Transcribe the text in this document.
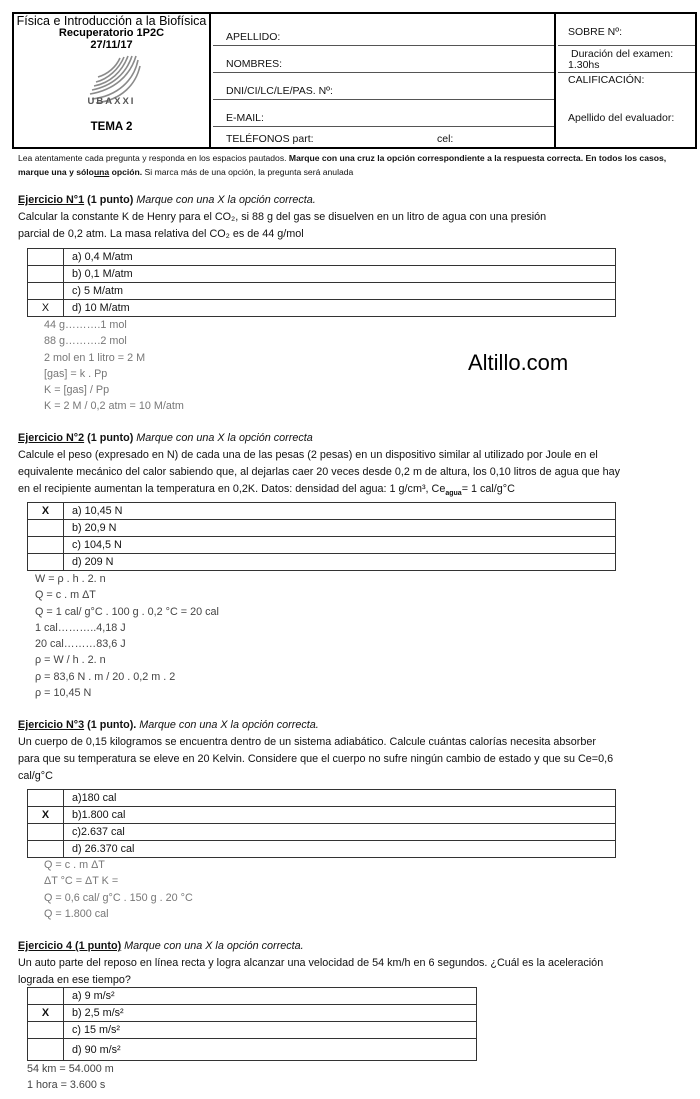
Física e Introducción a la Biofísica
Recuperatorio 1P2C
27/11/17
UBAXXI
TEMA 2
APELLIDO:
NOMBRES:
DNI/CI/LC/LE/PAS. Nº:
E-MAIL:
TELÉFONOS part:	cel:
SOBRE Nº:
Duración del examen:
1.30hs
CALIFICACIÓN:
Apellido del evaluador:
Lea atentamente cada pregunta y responda en los espacios pautados. Marque con una cruz la opción correspondiente a la respuesta correcta. En todos los casos, marque una y sólouna opción. Si marca más de una opción, la pregunta será anulada
Ejercicio N°1 (1 punto) Marque con una X la opción correcta.
Calcular la constante K de Henry para el CO₂, si 88 g del gas se disuelven en un litro de agua con una presión
parcial de 0,2 atm. La masa relativa del CO₂ es de 44 g/mol
	a) 0,4 M/atm
	b) 0,1 M/atm
	c) 5 M/atm
X	d) 10 M/atm
44 g……….1 mol
88 g……….2 mol
2 mol en 1 litro = 2 M
[gas] = k . Pp
K = [gas] / Pp
K = 2 M / 0,2 atm = 10 M/atm
Altillo.com
Ejercicio N°2 (1 punto) Marque con una X la opción correcta
Calcule el peso (expresado en N) de cada una de las pesas (2 pesas) en un dispositivo similar al utilizado por Joule en el
equivalente mecánico del calor sabiendo que, al dejarlas caer 20 veces desde 0,2 m de altura, los 0,10 litros de agua que hay
en el recipiente aumentan la temperatura en 0,2K. Datos: densidad del agua: 1 g/cm³, $Ce_{agua}= 1$ cal/g°C
X	a) 10,45 N
	b) 20,9 N
	c) 104,5 N
	d) 209 N
W = ρ . h . 2. n
Q = c . m ΔT
Q = 1 cal/ g°C . 100 g . 0,2 °C = 20 cal
1 cal………..4,18 J
20 cal………83,6 J
ρ = W / h . 2. n
ρ = 83,6 N . m / 20 . 0,2 m . 2
ρ = 10,45 N
Ejercicio N°3 (1 punto). Marque con una X la opción correcta.
Un cuerpo de 0,15 kilogramos se encuentra dentro de un sistema adiabático. Calcule cuántas calorías necesita absorber
para que su temperatura se eleve en 20 Kelvin. Considere que el cuerpo no sufre ningún cambio de estado y que su Ce=0,6
cal/g°C
	a)180 cal
X	b)1.800 cal
	c)2.637 cal
	d) 26.370 cal
Q = c . m ΔT
ΔT °C = ΔT K =
Q = 0,6 cal/ g°C . 150 g . 20 °C
Q = 1.800 cal
Ejercicio 4 (1 punto) Marque con una X la opción correcta.
Un auto parte del reposo en línea recta y logra alcanzar una velocidad de 54 km/h en 6 segundos. ¿Cuál es la aceleración
lograda en ese tiempo?
	a) 9 m/s²
X	b) 2,5 m/s²
	c) 15 m/s²
	d) 90 m/s²
54 km = 54.000 m
1 hora = 3.600 s
